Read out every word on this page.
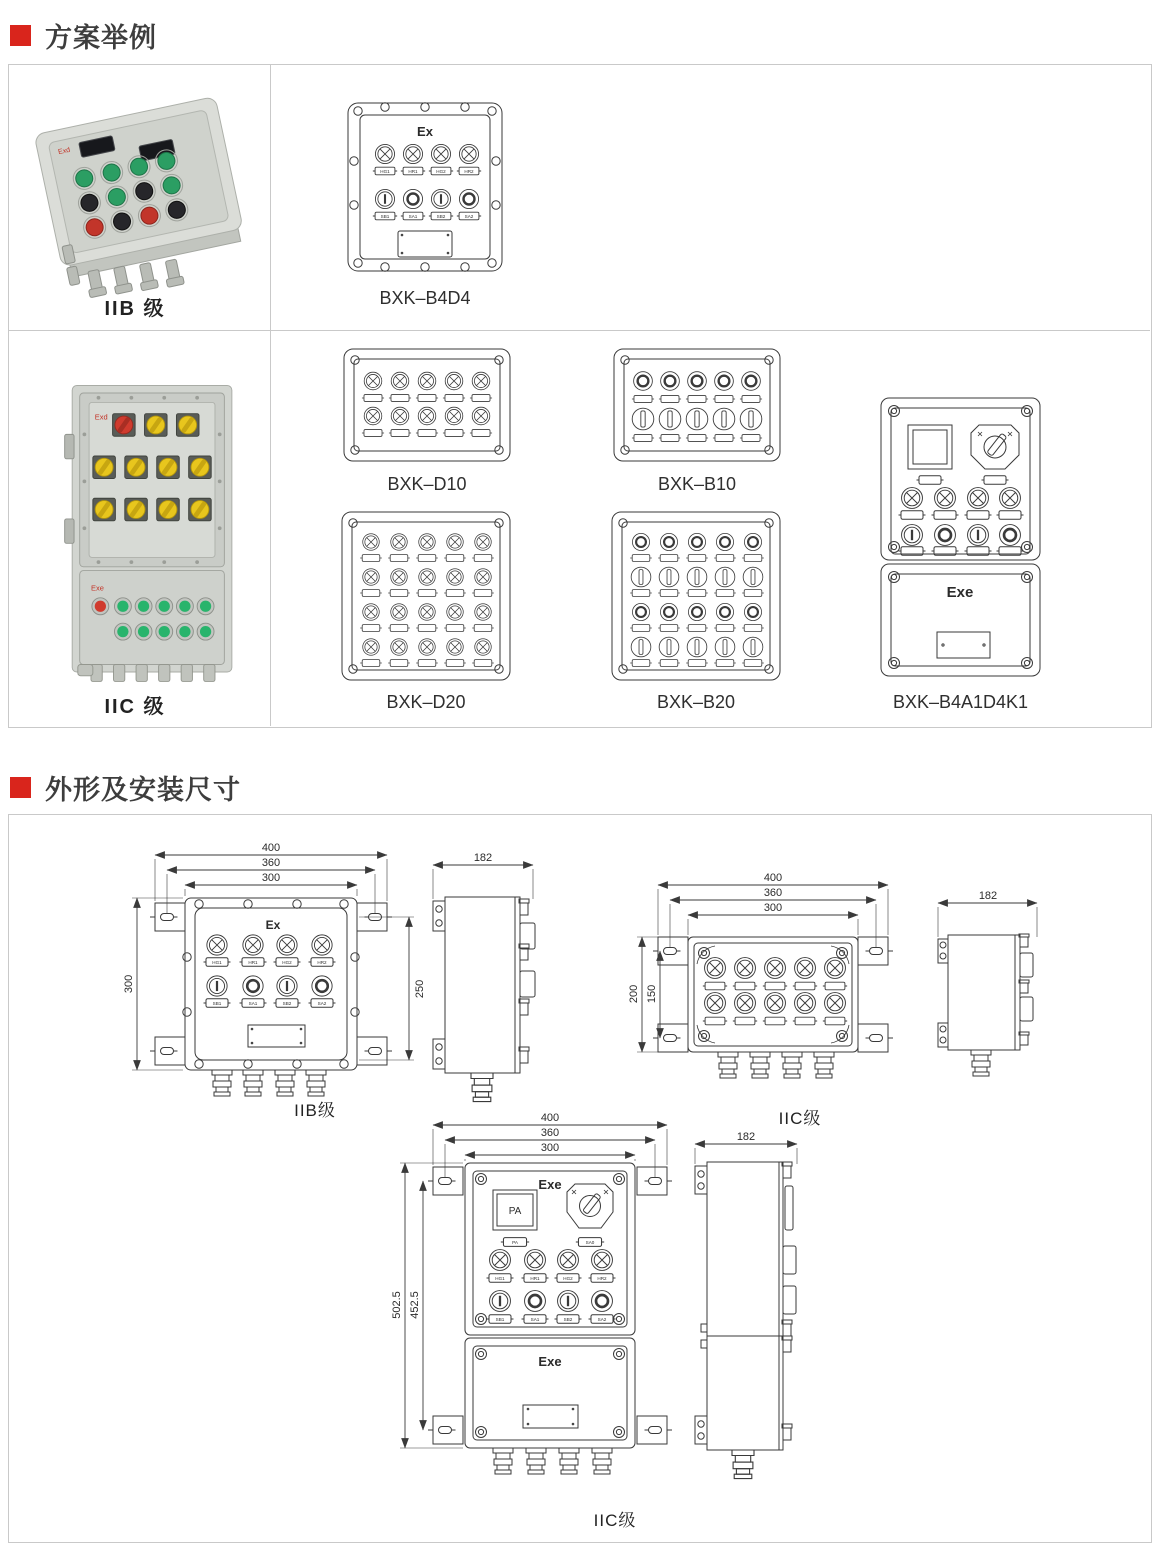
方案举例
Exd
IIB 级
Ex
HG1	HR1	HG2	HR2
SB1	SA1	SB2	SA2
BXK–B4D4
Exd
Exe
IIC 级
BXK–D10	BXK–B10
BXK–D20	BXK–B20
Exe
BXK–B4A1D4K1
外形及安装尺寸
400
360
300
300	250
Ex
HG1	HR1	HG2	HR2
SB1	SA1	SB2	SA2
182
IIB级
400
360
300
200 150
182
IIC级
400
360
300
502.5 452.5
Exe
PA
PA	SA0
HG1	HR1	HG2	HR2
SB1	SA1	SB2	SA2
Exe
182
IIC级
